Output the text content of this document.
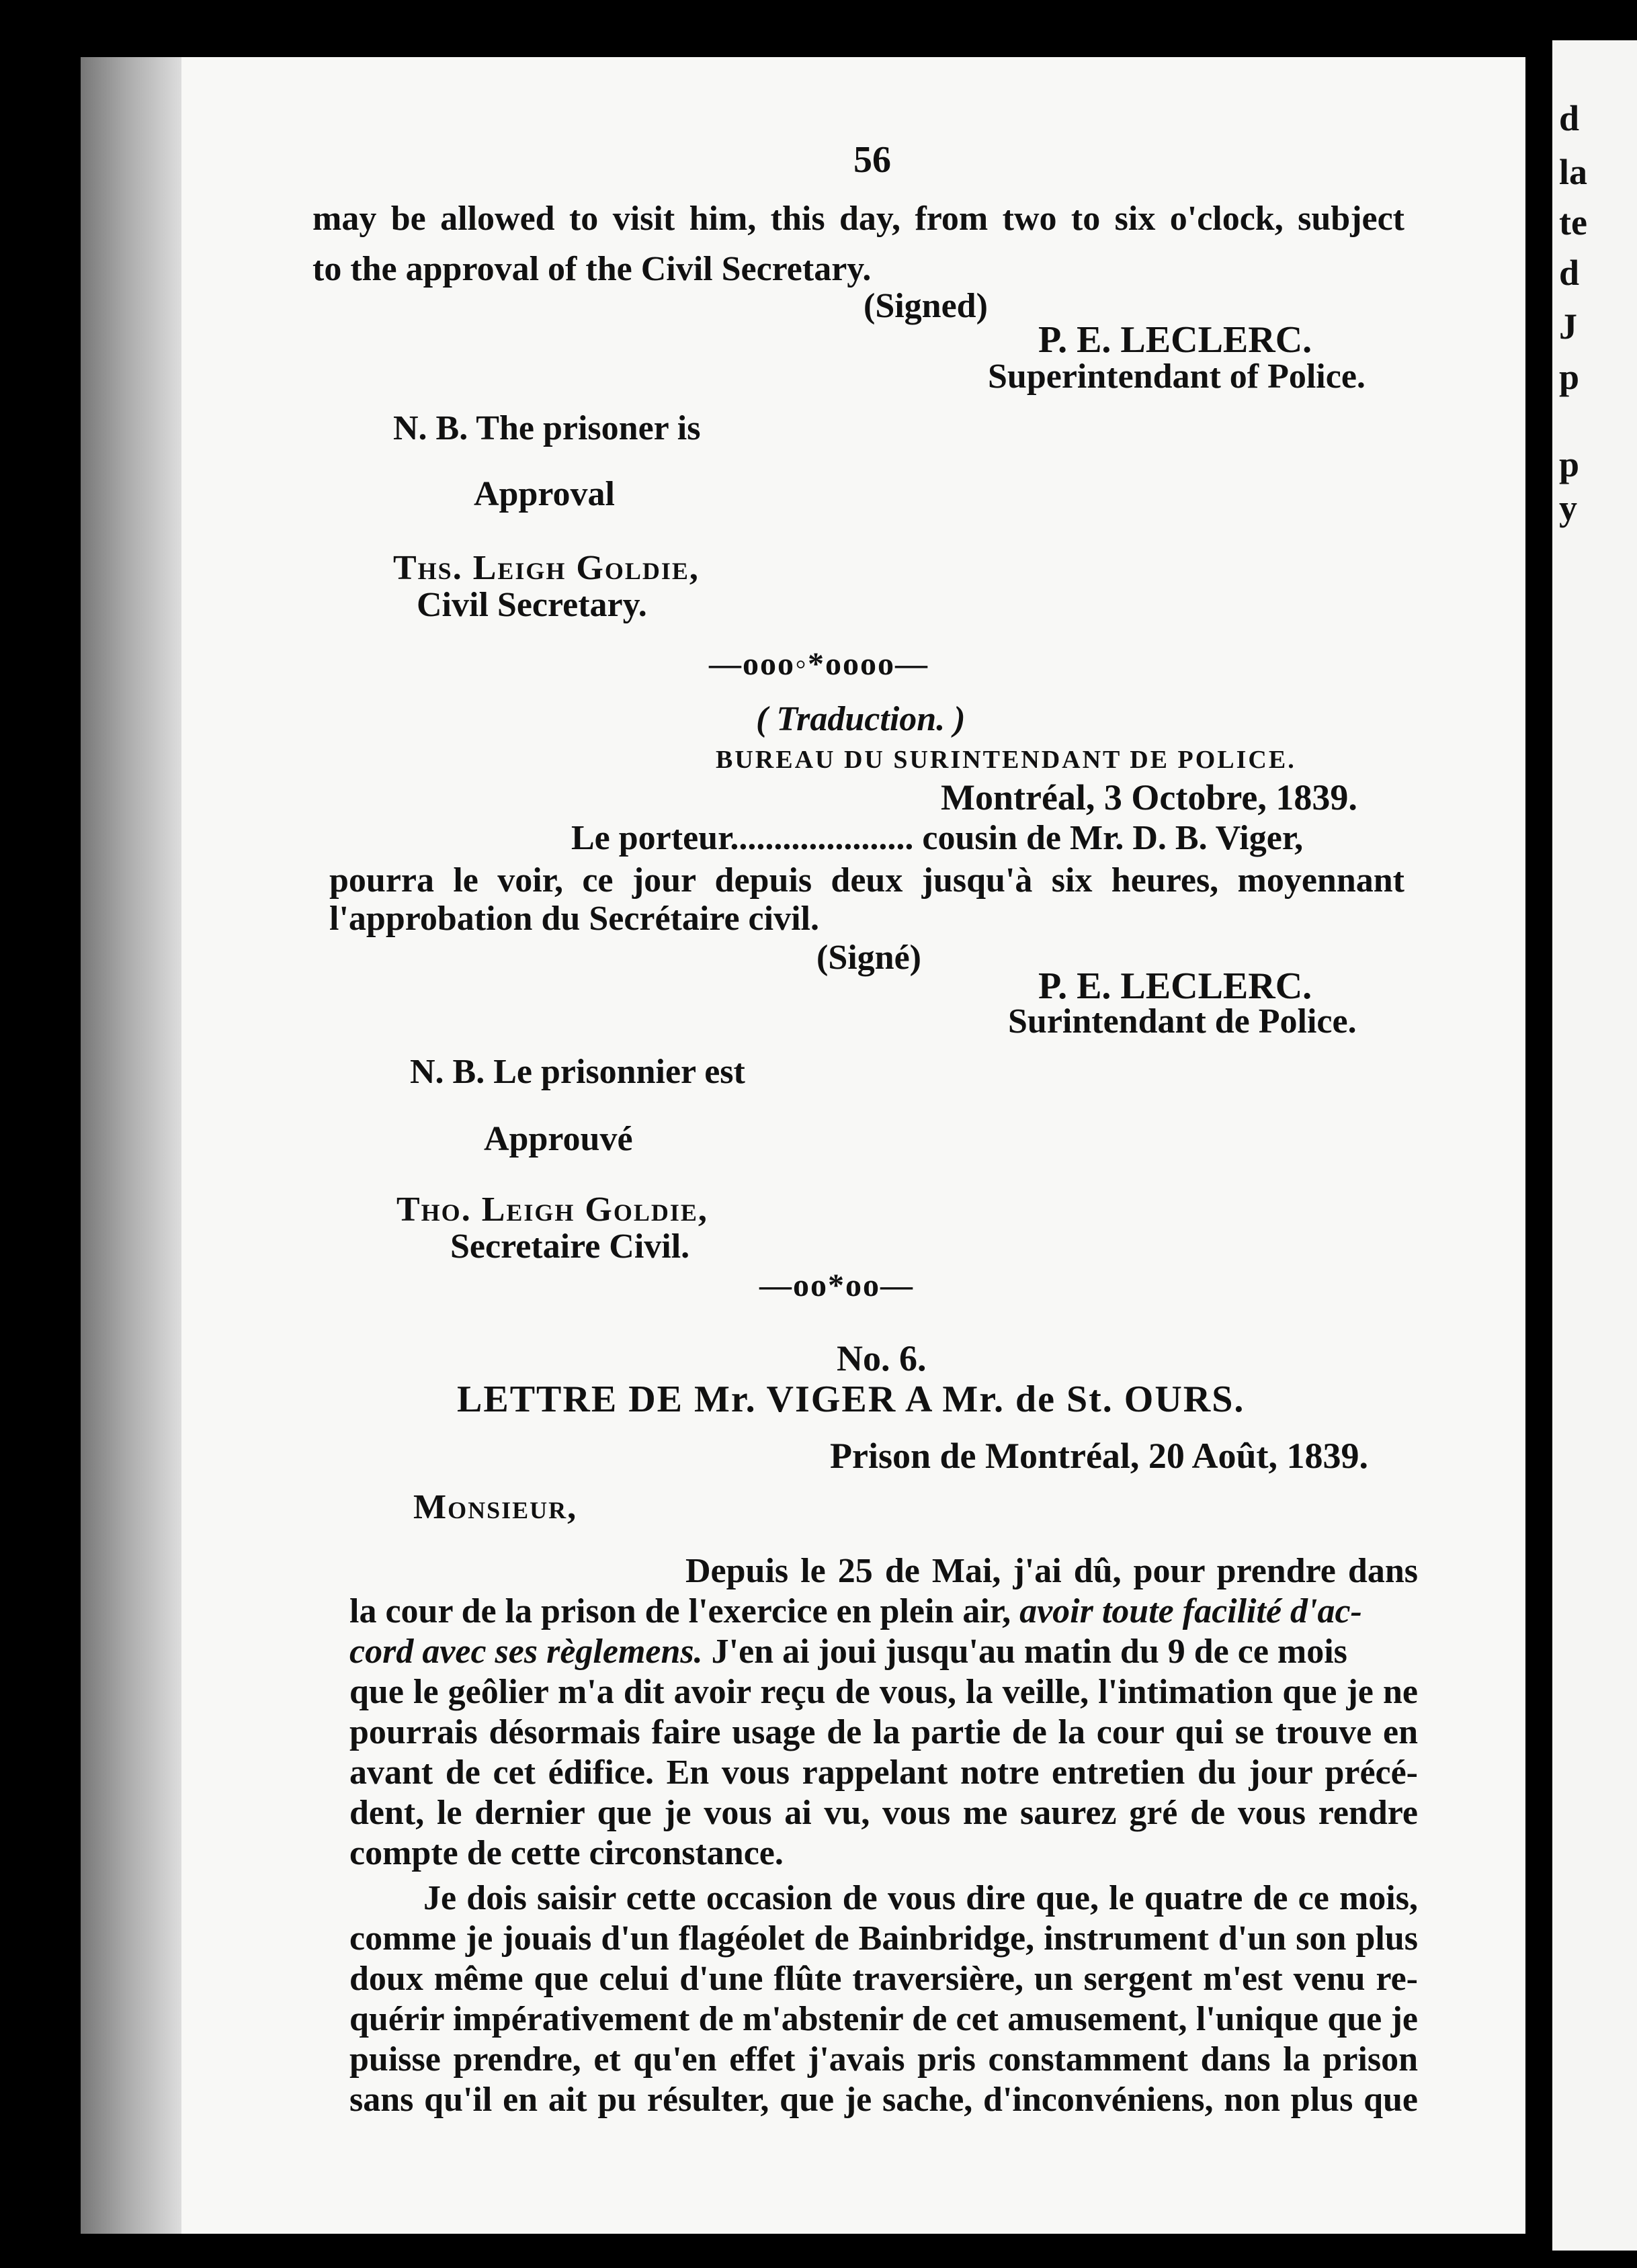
d
la
te
d
J
p
p
y
56
may be allowed to visit him, this day, from two to six o'clock, subject
to the approval of the Civil Secretary.
(Signed)
P. E. LECLERC.
Superintendant of Police.
N. B. The prisoner is
Approval
Ths. Leigh Goldie,
Civil Secretary.
—ooo◦*oooo—
( Traduction. )
BUREAU DU SURINTENDANT DE POLICE.
Montréal, 3 Octobre, 1839.
Le porteur..................... cousin de Mr. D. B. Viger,
pourra le voir, ce jour depuis deux jusqu'à six heures, moyennant
l'approbation du Secrétaire civil.
(Signé)
P. E. LECLERC.
Surintendant de Police.
N. B. Le prisonnier est
Approuvé
Tho. Leigh Goldie,
Secretaire Civil.
—oo*oo—
No. 6.
LETTRE DE Mr. VIGER A Mr. de St. OURS.
Prison de Montréal, 20 Août, 1839.
Monsieur,
Depuis le 25 de Mai, j'ai dû, pour prendre dans
la cour de la prison de l'exercice en plein air, avoir toute facilité d'ac-
cord avec ses règlemens. J'en ai joui jusqu'au matin du 9 de ce mois
que le geôlier m'a dit avoir reçu de vous, la veille, l'intimation que je ne
pourrais désormais faire usage de la partie de la cour qui se trouve en
avant de cet édifice. En vous rappelant notre entretien du jour précé-
dent, le dernier que je vous ai vu, vous me saurez gré de vous rendre
compte de cette circonstance.
Je dois saisir cette occasion de vous dire que, le quatre de ce mois,
comme je jouais d'un flagéolet de Bainbridge, instrument d'un son plus
doux même que celui d'une flûte traversière, un sergent m'est venu re-
quérir impérativement de m'abstenir de cet amusement, l'unique que je
puisse prendre, et qu'en effet j'avais pris constamment dans la prison
sans qu'il en ait pu résulter, que je sache, d'inconvéniens, non plus que
